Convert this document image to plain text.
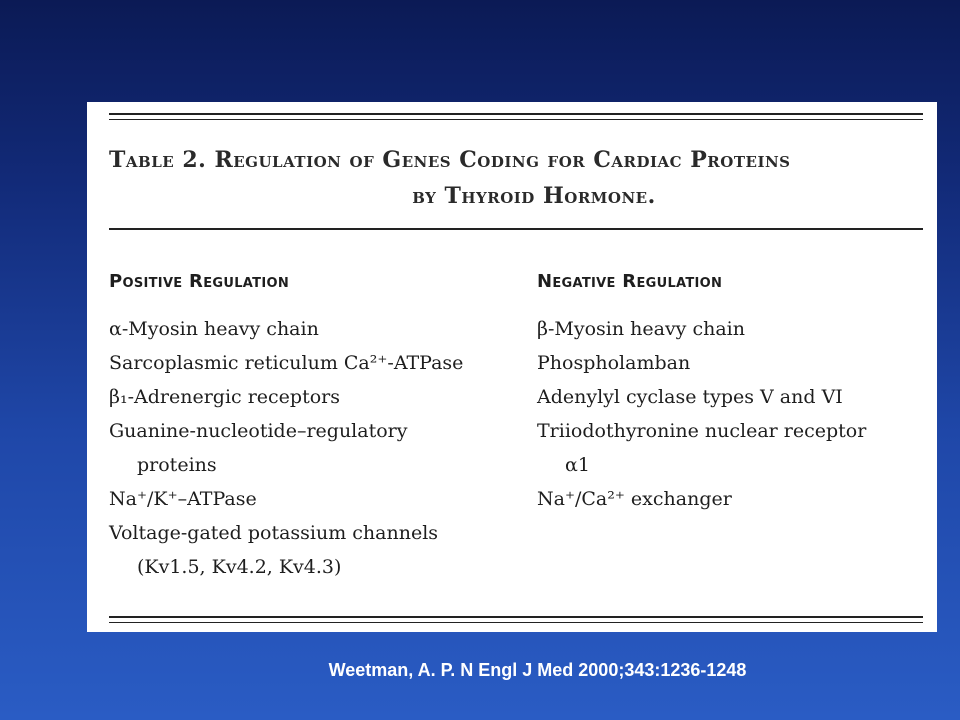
Table 2. Regulation of Genes Coding for Cardiac Proteins
by Thyroid Hormone.
Positive Regulation
α-Myosin heavy chain
Sarcoplasmic reticulum Ca²⁺-ATPase
β₁-Adrenergic receptors
Guanine-nucleotide–regulatory
proteins
Na⁺/K⁺–ATPase
Voltage-gated potassium channels
(Kv1.5, Kv4.2, Kv4.3)
Negative Regulation
β-Myosin heavy chain
Phospholamban
Adenylyl cyclase types V and VI
Triiodothyronine nuclear receptor
α1
Na⁺/Ca²⁺ exchanger
Weetman, A. P. N Engl J Med 2000;343:1236-1248
